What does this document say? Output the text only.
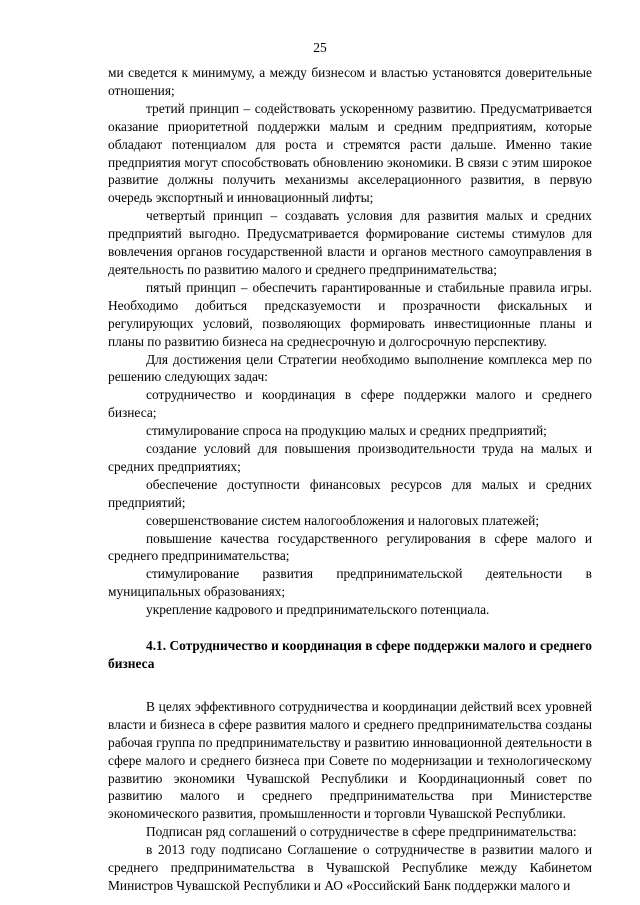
25

ми сведется к минимуму, а между бизнесом и властью установятся доверительные отношения;

третий принцип – содействовать ускоренному развитию. Предусматривается оказание приоритетной поддержки малым и средним предприятиям, которые обладают потенциалом для роста и стремятся расти дальше. Именно такие предприятия могут способствовать обновлению экономики. В связи с этим широкое развитие должны получить механизмы акселерационного развития, в первую очередь экспортный и инновационный лифты;

четвертый принцип – создавать условия для развития малых и средних предприятий выгодно. Предусматривается формирование системы стимулов для вовлечения органов государственной власти и органов местного самоуправления в деятельность по развитию малого и среднего предпринимательства;

пятый принцип – обеспечить гарантированные и стабильные правила игры. Необходимо добиться предсказуемости и прозрачности фискальных и регулирующих условий, позволяющих формировать инвестиционные планы и планы по развитию бизнеса на среднесрочную и долгосрочную перспективу.

Для достижения цели Стратегии необходимо выполнение комплекса мер по решению следующих задач:

сотрудничество и координация в сфере поддержки малого и среднего бизнеса;

стимулирование спроса на продукцию малых и средних предприятий;

создание условий для повышения производительности труда на малых и средних предприятиях;

обеспечение доступности финансовых ресурсов для малых и средних предприятий;

совершенствование систем налогообложения и налоговых платежей;

повышение качества государственного регулирования в сфере малого и среднего предпринимательства;

стимулирование развития предпринимательской деятельности в муниципальных образованиях;

укрепление кадрового и предпринимательского потенциала.

4.1. Сотрудничество и координация в сфере поддержки малого и среднего бизнеса

В целях эффективного сотрудничества и координации действий всех уровней власти и бизнеса в сфере развития малого и среднего предпринимательства созданы рабочая группа по предпринимательству и развитию инновационной деятельности в сфере малого и среднего бизнеса при Совете по модернизации и технологическому развитию экономики Чувашской Республики и Координационный совет по развитию малого и среднего предпринимательства при Министерстве экономического развития, промышленности и торговли Чувашской Республики.

Подписан ряд соглашений о сотрудничестве в сфере предпринимательства:

в 2013 году подписано Соглашение о сотрудничестве в развитии малого и среднего предпринимательства в Чувашской Республике между Кабинетом Министров Чувашской Республики и АО «Российский Банк поддержки малого и
